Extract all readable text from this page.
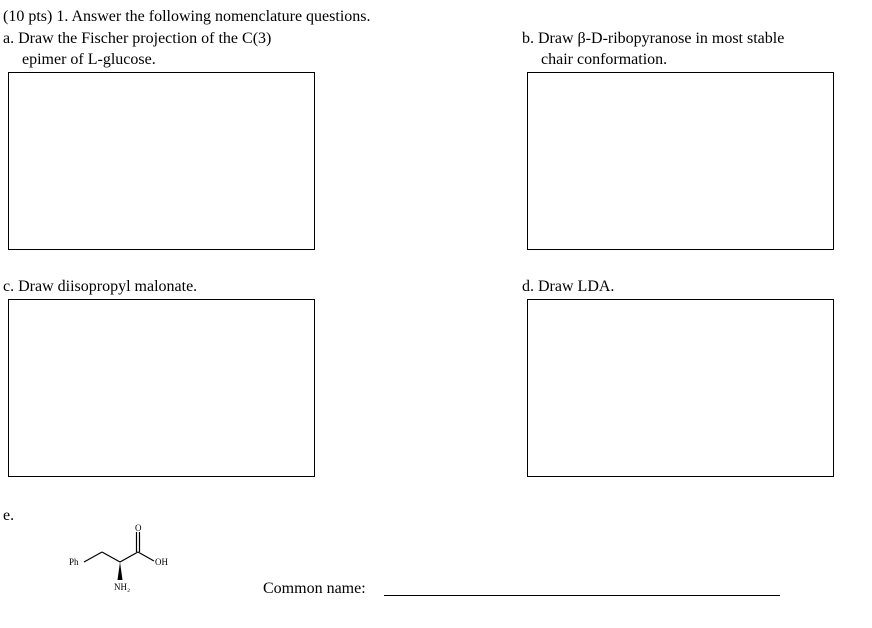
(10 pts) 1. Answer the following nomenclature questions.
a. Draw the Fischer projection of the C(3)
epimer of L-glucose.
b. Draw β-D-ribopyranose in most stable
chair conformation.
c. Draw diisopropyl malonate.	d. Draw LDA.
e.
Ph	OH
O
NH₂	Common name:
